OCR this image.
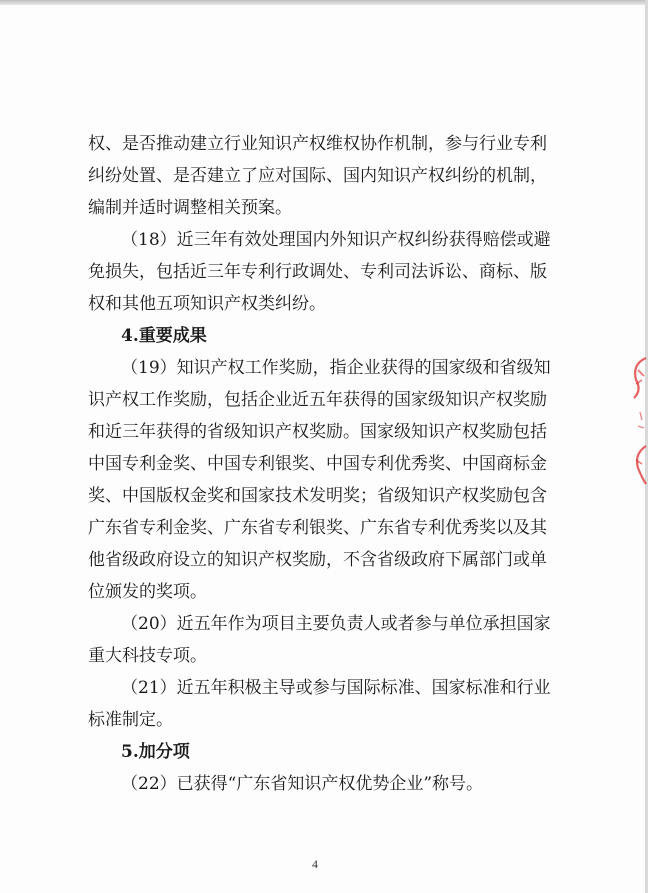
权、是否推动建立行业知识产权维权协作机制，参与行业专利
纠纷处置、是否建立了应对国际、国内知识产权纠纷的机制，
编制并适时调整相关预案。
（18）近三年有效处理国内外知识产权纠纷获得赔偿或避
免损失，包括近三年专利行政调处、专利司法诉讼、商标、版
权和其他五项知识产权类纠纷。
4.重要成果
（19）知识产权工作奖励，指企业获得的国家级和省级知
识产权工作奖励，包括企业近五年获得的国家级知识产权奖励
和近三年获得的省级知识产权奖励。国家级知识产权奖励包括
中国专利金奖、中国专利银奖、中国专利优秀奖、中国商标金
奖、中国版权金奖和国家技术发明奖；省级知识产权奖励包含
广东省专利金奖、广东省专利银奖、广东省专利优秀奖以及其
他省级政府设立的知识产权奖励，不含省级政府下属部门或单
位颁发的奖项。
（20）近五年作为项目主要负责人或者参与单位承担国家
重大科技专项。
（21）近五年积极主导或参与国际标准、国家标准和行业
标准制定。
5.加分项
（22）已获得“广东省知识产权优势企业”称号。
4
